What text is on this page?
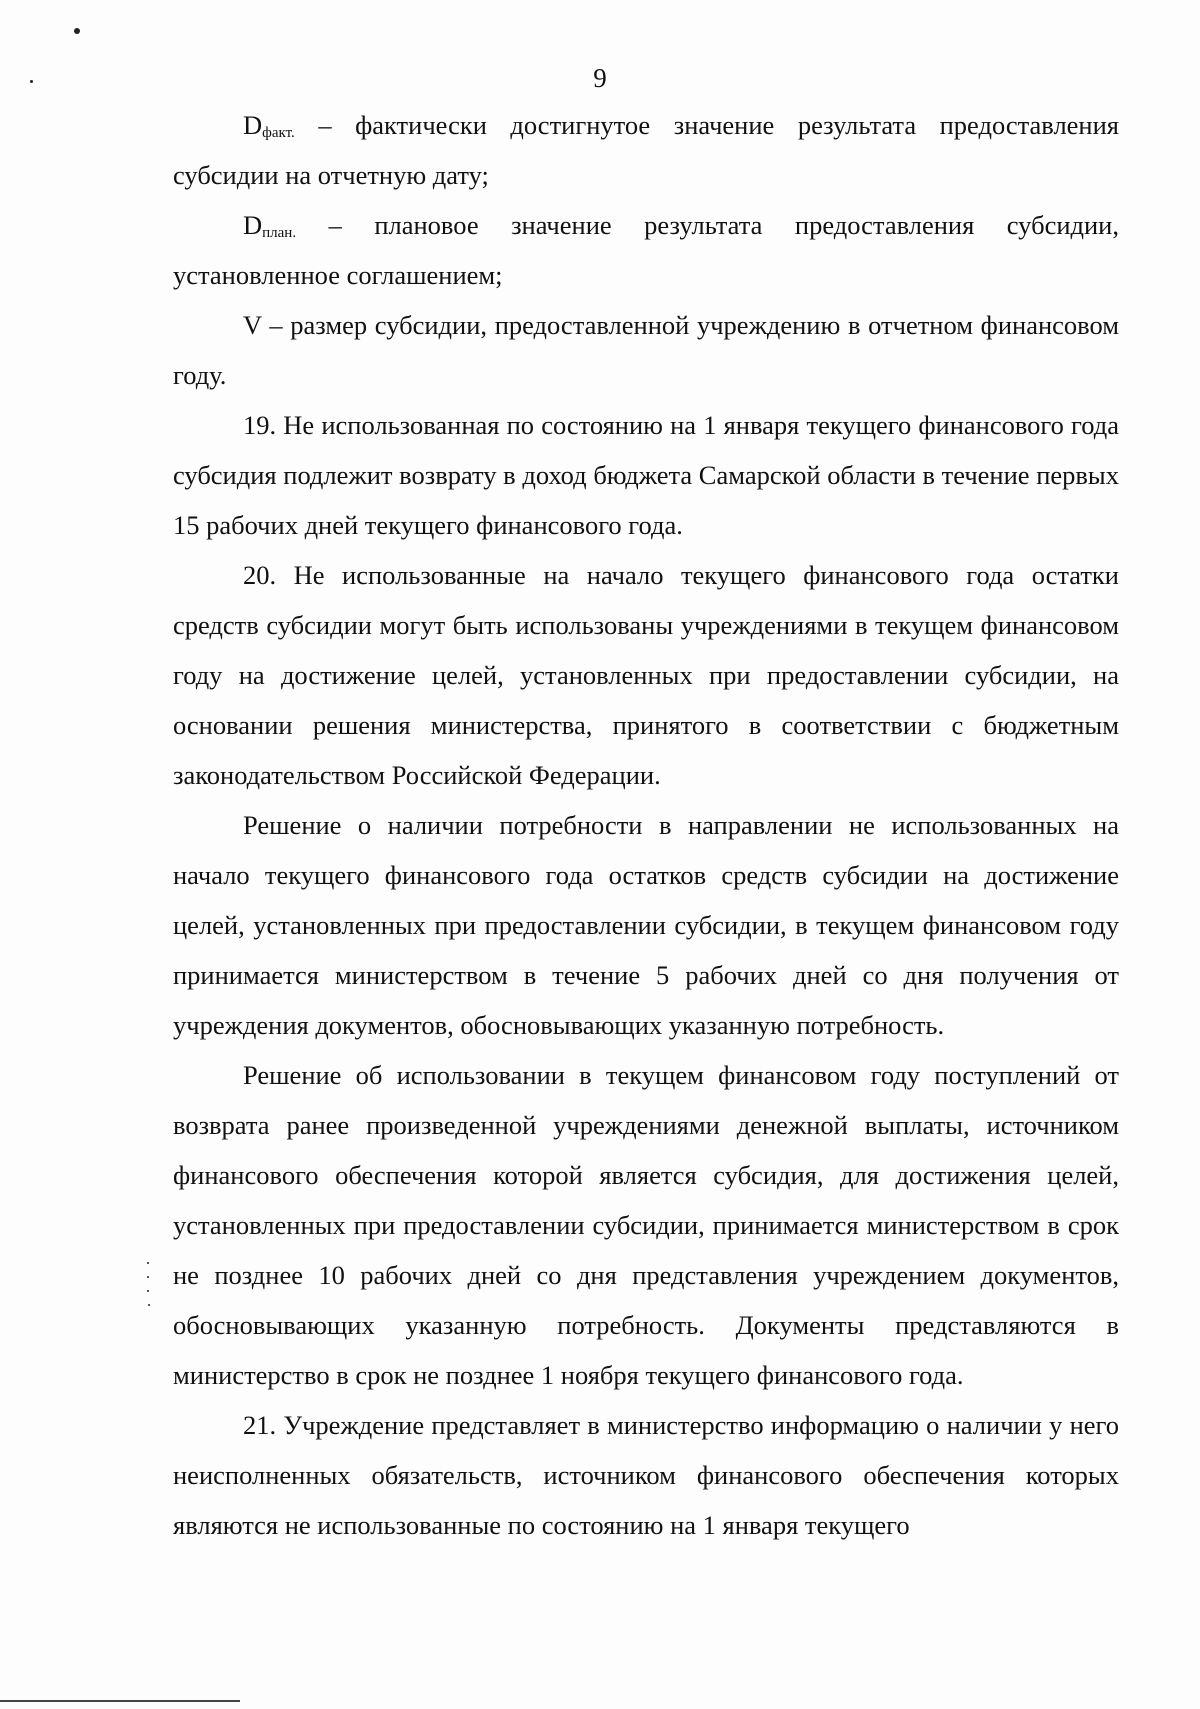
9

$D_{факт.}$ – фактически достигнутое значение результата предоставления субсидии на отчетную дату;

$D_{план.}$ – плановое значение результата предоставления субсидии, установленное соглашением;

V – размер субсидии, предоставленной учреждению в отчетном финансовом году.

19. Не использованная по состоянию на 1 января текущего финансового года субсидия подлежит возврату в доход бюджета Самарской области в течение первых 15 рабочих дней текущего финансового года.

20. Не использованные на начало текущего финансового года остатки средств субсидии могут быть использованы учреждениями в текущем финансовом году на достижение целей, установленных при предоставлении субсидии, на основании решения министерства, принятого в соответствии с бюджетным законодательством Российской Федерации.

Решение о наличии потребности в направлении не использованных на начало текущего финансового года остатков средств субсидии на достижение целей, установленных при предоставлении субсидии, в текущем финансовом году принимается министерством в течение 5 рабочих дней со дня получения от учреждения документов, обосновывающих указанную потребность.

Решение об использовании в текущем финансовом году поступлений от возврата ранее произведенной учреждениями денежной выплаты, источником финансового обеспечения которой является субсидия, для достижения целей, установленных при предоставлении субсидии, принимается министерством в срок не позднее 10 рабочих дней со дня представления учреждением документов, обосновывающих указанную потребность. Документы представляются в министерство в срок не позднее 1 ноября текущего финансового года.

21. Учреждение представляет в министерство информацию о наличии у него неисполненных обязательств, источником финансового обеспечения которых являются не использованные по состоянию на 1 января текущего
